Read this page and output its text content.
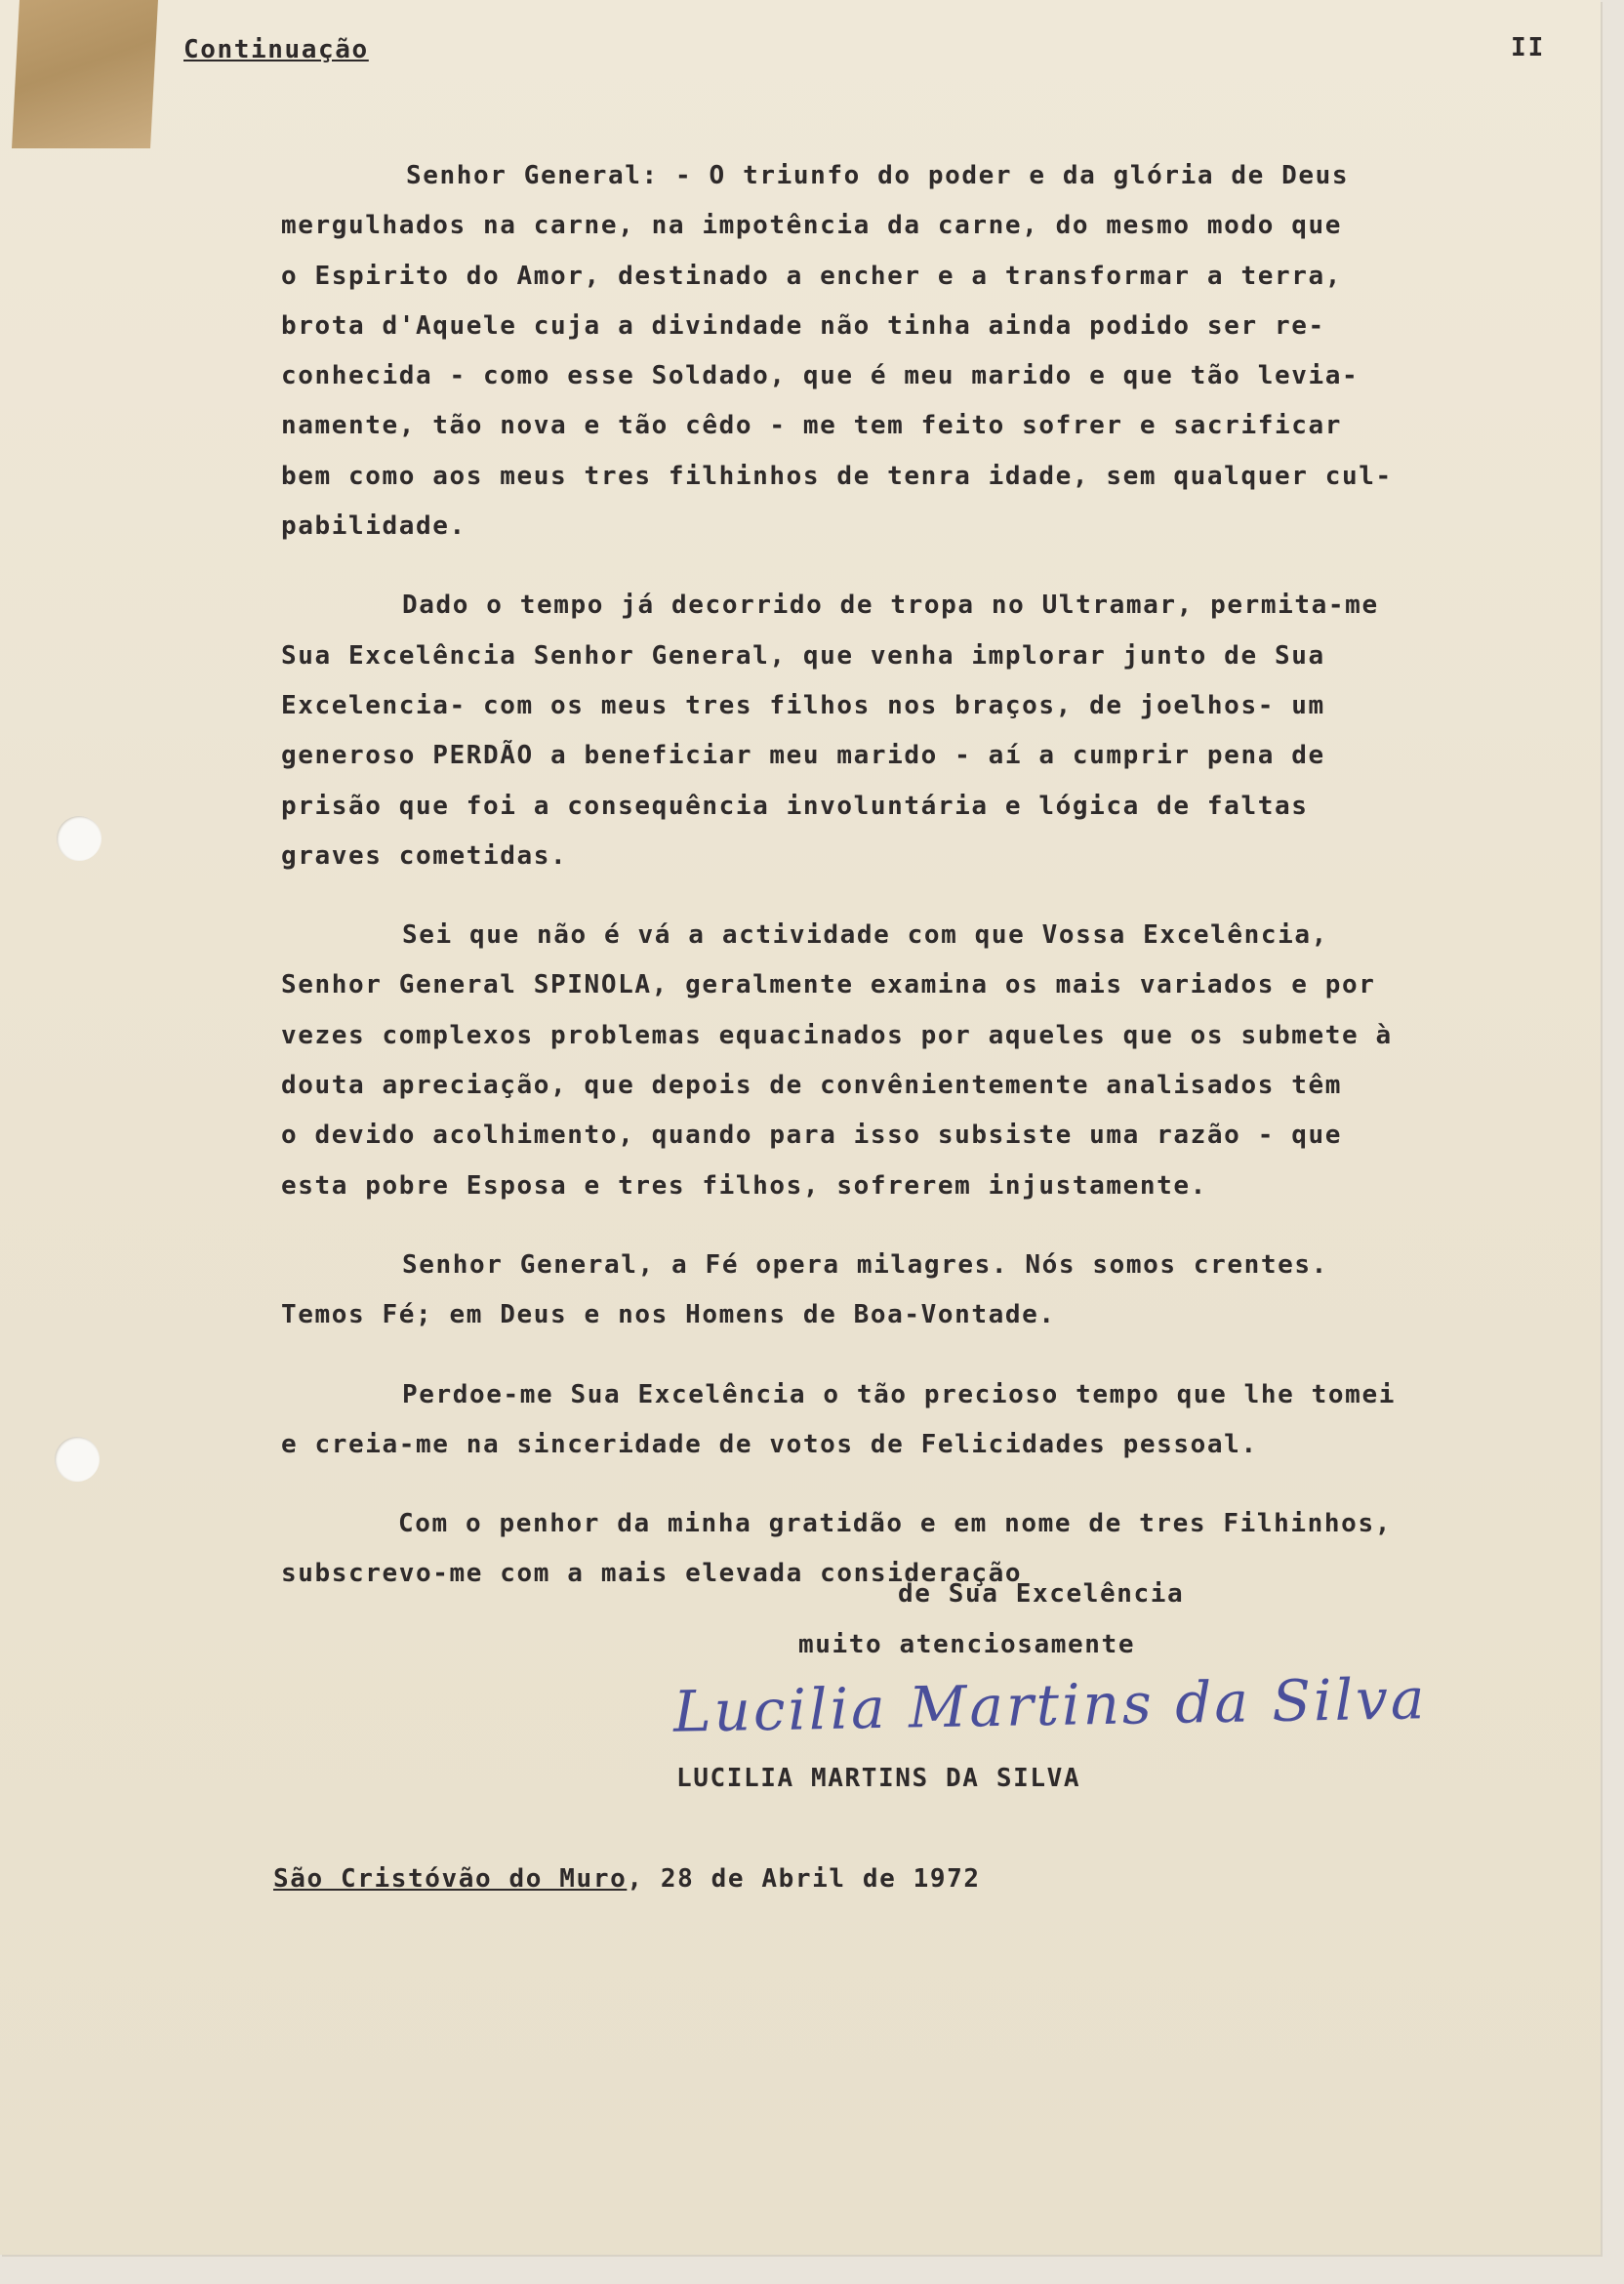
Continuação	II
Senhor General: - O triunfo do poder e da glória de Deus
mergulhados na carne, na impotência da carne, do mesmo modo que
o Espirito do Amor, destinado a encher e a transformar a terra,
brota d'Aquele cuja a divindade não tinha ainda podido ser re-
conhecida - como esse Soldado, que é meu marido e que tão levia-
namente, tão nova e tão cêdo - me tem feito sofrer e sacrificar
bem como aos meus tres filhinhos de tenra idade, sem qualquer cul-
pabilidade.
Dado o tempo já decorrido de tropa no Ultramar, permita-me
Sua Excelência Senhor General, que venha implorar junto de Sua
Excelencia- com os meus tres filhos nos braços, de joelhos- um
generoso PERDÃO a beneficiar meu marido - aí a cumprir pena de
prisão que foi a consequência involuntária e lógica de faltas
graves cometidas.
Sei que não é vá a actividade com que Vossa Excelência,
Senhor General SPINOLA, geralmente examina os mais variados e por
vezes complexos problemas equacinados por aqueles que os submete à
douta apreciação, que depois de convênientemente analisados têm
o devido acolhimento, quando para isso subsiste uma razão - que
esta pobre Esposa e tres filhos, sofrerem injustamente.
Senhor General, a Fé opera milagres. Nós somos crentes.
Temos Fé; em Deus e nos Homens de Boa-Vontade.
Perdoe-me Sua Excelência o tão precioso tempo que lhe tomei
e creia-me na sinceridade de votos de Felicidades pessoal.
Com o penhor da minha gratidão e em nome de tres Filhinhos,
subscrevo-me com a mais elevada consideração
de Sua Excelência
muito atenciosamente
Lucilia Martins da Silva
LUCILIA MARTINS DA SILVA
São Cristóvão do Muro, 28 de Abril de 1972
